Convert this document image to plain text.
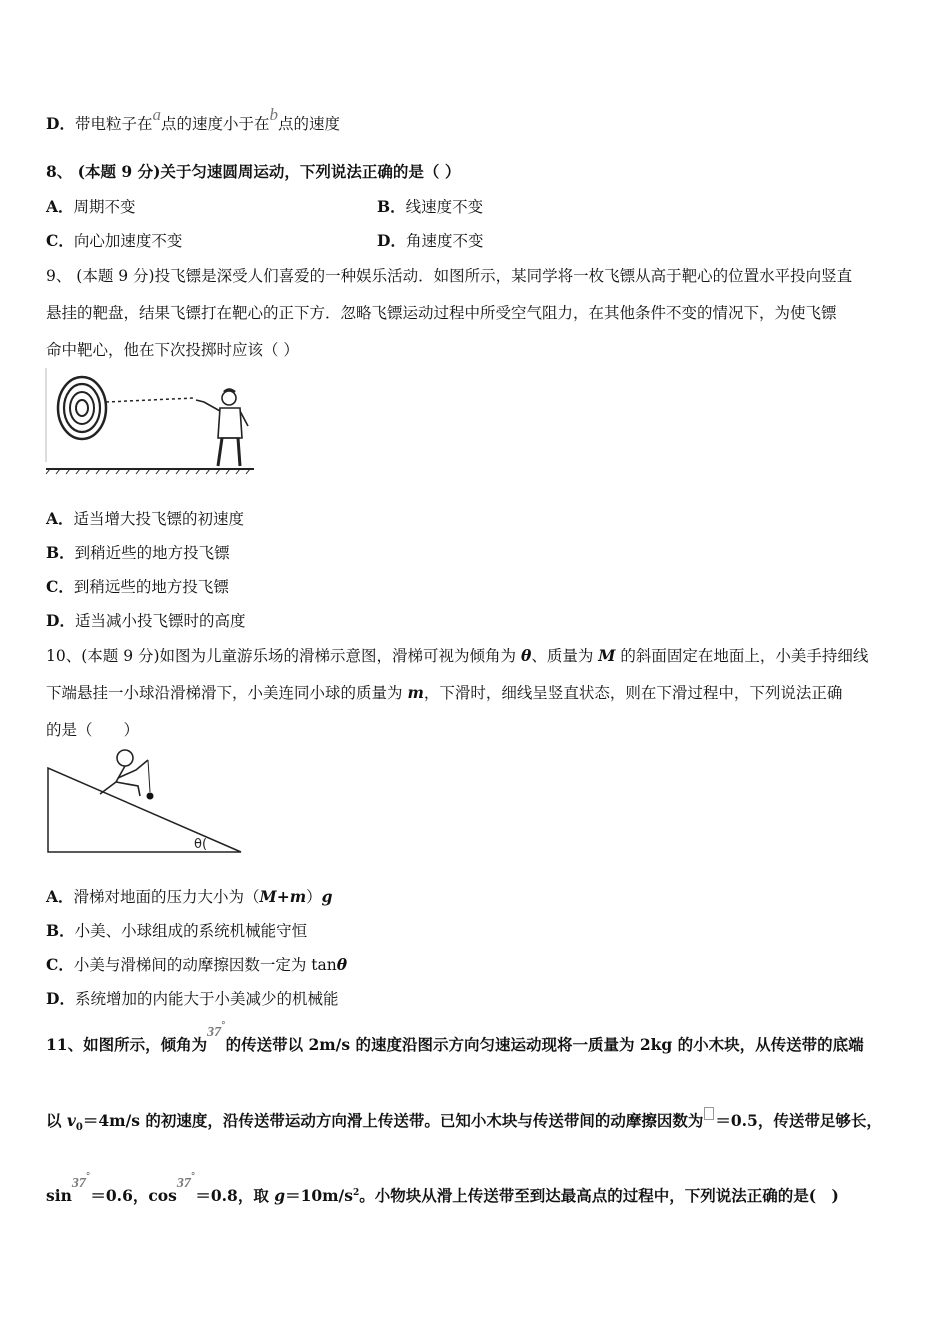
D．带电粒子在a点的速度小于在b点的速度
8、 (本题 9 分)关于匀速圆周运动，下列说法正确的是（ ）
A．周期不变	B．线速度不变
C．向心加速度不变	D．角速度不变
9、 (本题 9 分)投飞镖是深受人们喜爱的一种娱乐活动．如图所示，某同学将一枚飞镖从高于靶心的位置水平投向竖直
悬挂的靶盘，结果飞镖打在靶心的正下方．忽略飞镖运动过程中所受空气阻力，在其他条件不变的情况下，为使飞镖
命中靶心，他在下次投掷时应该（ ）
A．适当增大投飞镖的初速度
B．到稍近些的地方投飞镖
C．到稍远些的地方投飞镖
D．适当减小投飞镖时的高度
10、(本题 9 分)如图为儿童游乐场的滑梯示意图，滑梯可视为倾角为 θ、质量为 M 的斜面固定在地面上，小美手持细线
下端悬挂一小球沿滑梯滑下，小美连同小球的质量为 m，下滑时，细线呈竖直状态，则在下滑过程中，下列说法正确
的是（　　）
θ(
A．滑梯对地面的压力大小为（M+m）g
B．小美、小球组成的系统机械能守恒
C．小美与滑梯间的动摩擦因数一定为 tanθ
D．系统增加的内能大于小美减少的机械能
11、如图所示，倾角为37°的传送带以 2m/s 的速度沿图示方向匀速运动现将一质量为 2kg 的小木块，从传送带的底端
以 $v_0=4m/s$ 的初速度，沿传送带运动方向滑上传送带。已知小木块与传送带间的动摩擦因数为 ＝0.5，传送带足够长，
sin37°＝0.6，cos37°＝0.8，取 $g=10m/s^2$。小物块从滑上传送带至到达最高点的过程中，下列说法正确的是(　)
